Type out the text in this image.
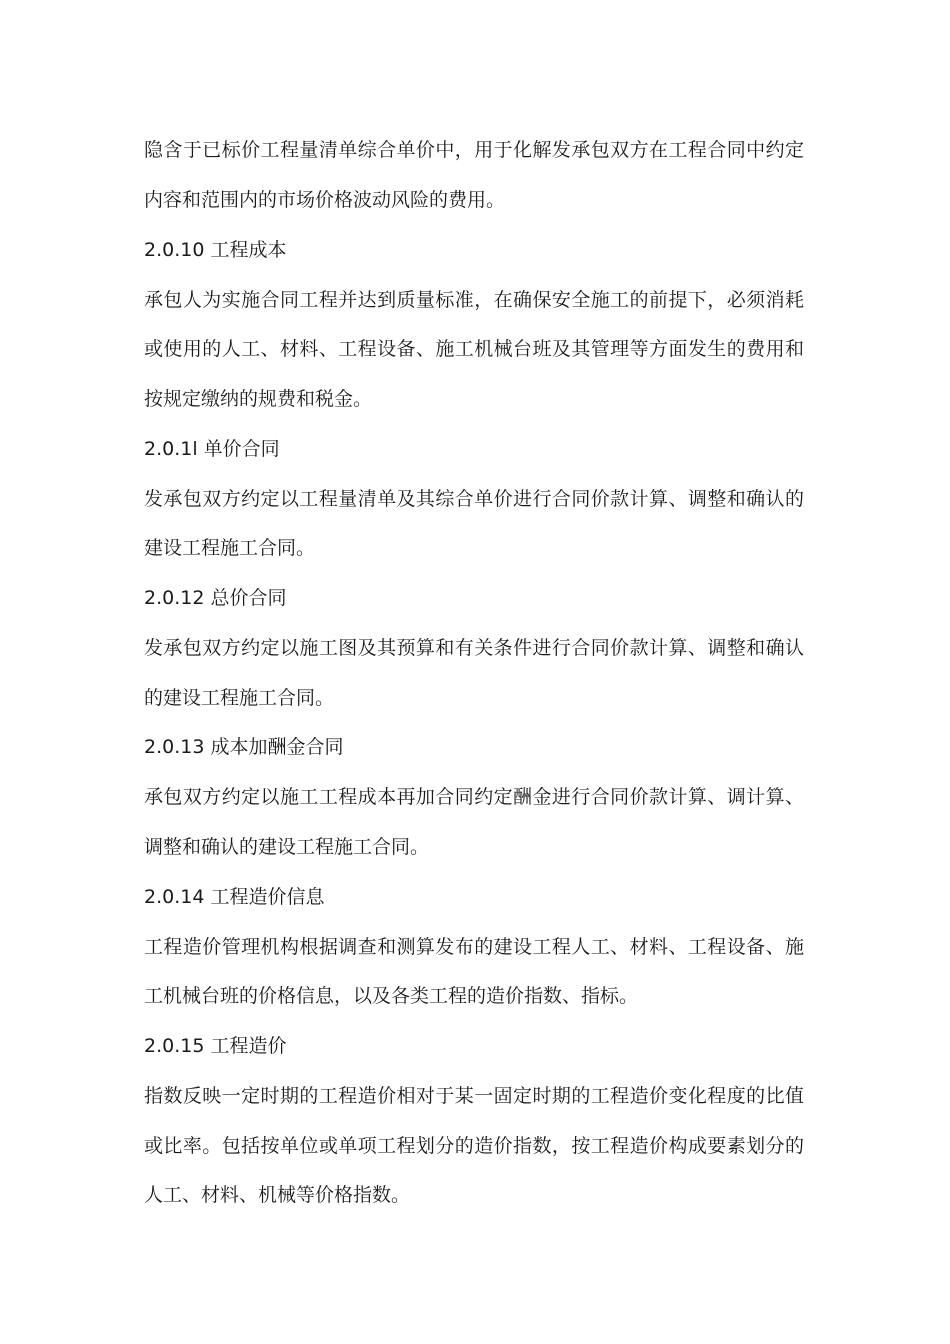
隐含于已标价工程量清单综合单价中，用于化解发承包双方在工程合同中约定
内容和范围内的市场价格波动风险的费用。
2.0.10 工程成本
承包人为实施合同工程并达到质量标准，在确保安全施工的前提下，必须消耗
或使用的人工、材料、工程设备、施工机械台班及其管理等方面发生的费用和
按规定缴纳的规费和税金。
2.0.1l 单价合同
发承包双方约定以工程量清单及其综合单价进行合同价款计算、调整和确认的
建设工程施工合同。
2.0.12 总价合同
发承包双方约定以施工图及其预算和有关条件进行合同价款计算、调整和确认
的建设工程施工合同。
2.0.13 成本加酬金合同
承包双方约定以施工工程成本再加合同约定酬金进行合同价款计算、调计算、
调整和确认的建设工程施工合同。
2.0.14 工程造价信息
工程造价管理机构根据调查和测算发布的建设工程人工、材料、工程设备、施
工机械台班的价格信息，以及各类工程的造价指数、指标。
2.0.15 工程造价
指数反映一定时期的工程造价相对于某一固定时期的工程造价变化程度的比值
或比率。包括按单位或单项工程划分的造价指数，按工程造价构成要素划分的
人工、材料、机械等价格指数。
